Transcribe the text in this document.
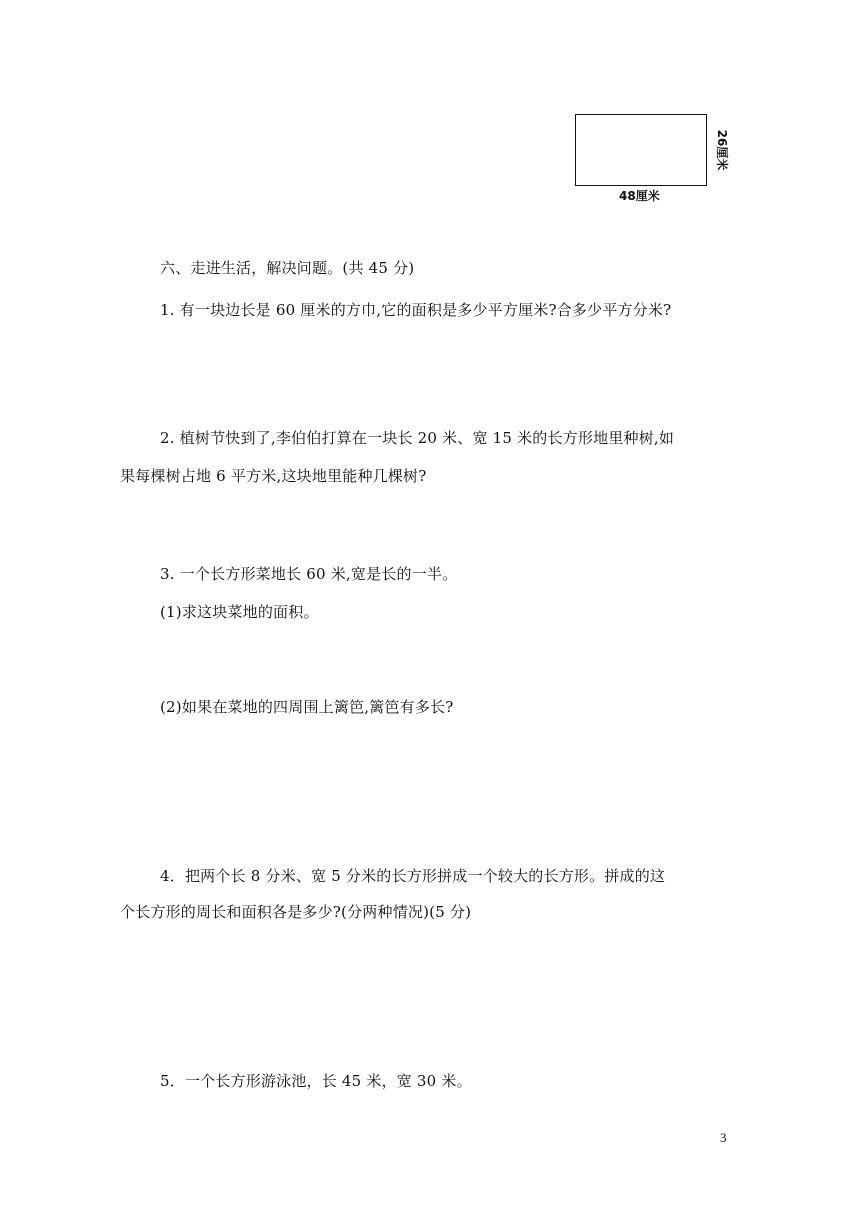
48厘米
26厘米
六、走进生活，解决问题。(共 45 分)
1. 有一块边长是 60 厘米的方巾,它的面积是多少平方厘米?合多少平方分米?
2. 植树节快到了,李伯伯打算在一块长 20 米、宽 15 米的长方形地里种树,如
果每棵树占地 6 平方米,这块地里能种几棵树?
3. 一个长方形菜地长 60 米,宽是长的一半。
(1)求这块菜地的面积。
(2)如果在菜地的四周围上篱笆,篱笆有多长?
4．把两个长 8 分米、宽 5 分米的长方形拼成一个较大的长方形。拼成的这
个长方形的周长和面积各是多少?(分两种情况)(5 分)
5．一个长方形游泳池，长 45 米，宽 30 米。
3
